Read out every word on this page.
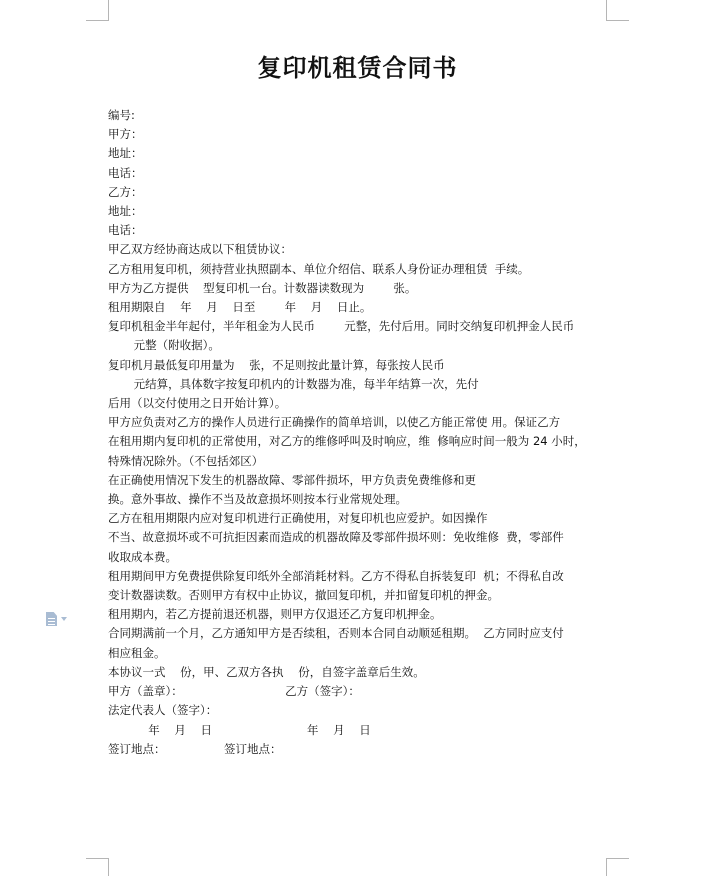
复印机租赁合同书

编号:

甲方：

地址：

电话：

乙方：

地址：

电话：

甲乙双方经协商达成以下租赁协议：

乙方租用复印机，须持营业执照副本、单位介绍信、联系人身份证办理租赁  手续。

甲方为乙方提供    型复印机一台。计数器读数现为        张。

租用期限自    年    月    日至        年    月    日止。

复印机租金半年起付，半年租金为人民币        元整，先付后用。同时交纳复印机押金人民币

元整（附收据）。

复印机月最低复印用量为    张，不足则按此量计算，每张按人民币

元结算，具体数字按复印机内的计数器为准，每半年结算一次，先付

后用（以交付使用之日开始计算）。

甲方应负责对乙方的操作人员进行正确操作的简单培训，以使乙方能正常使 用。保证乙方

在租用期内复印机的正常使用，对乙方的维修呼叫及时响应，维  修响应时间一般为 24 小时，

特殊情况除外。（不包括郊区）

在正确使用情况下发生的机器故障、零部件损坏，甲方负责免费维修和更

换。意外事故、操作不当及故意损坏则按本行业常规处理。

乙方在租用期限内应对复印机进行正确使用，对复印机也应爱护。如因操作

不当、故意损坏或不可抗拒因素而造成的机器故障及零部件损坏则：免收维修  费，零部件

收取成本费。

租用期间甲方免费提供除复印纸外全部消耗材料。乙方不得私自拆装复印  机；不得私自改

变计数器读数。否则甲方有权中止协议，撤回复印机，并扣留复印机的押金。

租用期内，若乙方提前退还机器，则甲方仅退还乙方复印机押金。

合同期满前一个月，乙方通知甲方是否续租，否则本合同自动顺延租期。  乙方同时应支付

相应租金。

本协议一式    份，甲、乙双方各执    份，自签字盖章后生效。

甲方（盖章）：                            乙方（签字）：

法定代表人（签字）：

年    月    日                          年    月    日

签订地点：                签订地点：
